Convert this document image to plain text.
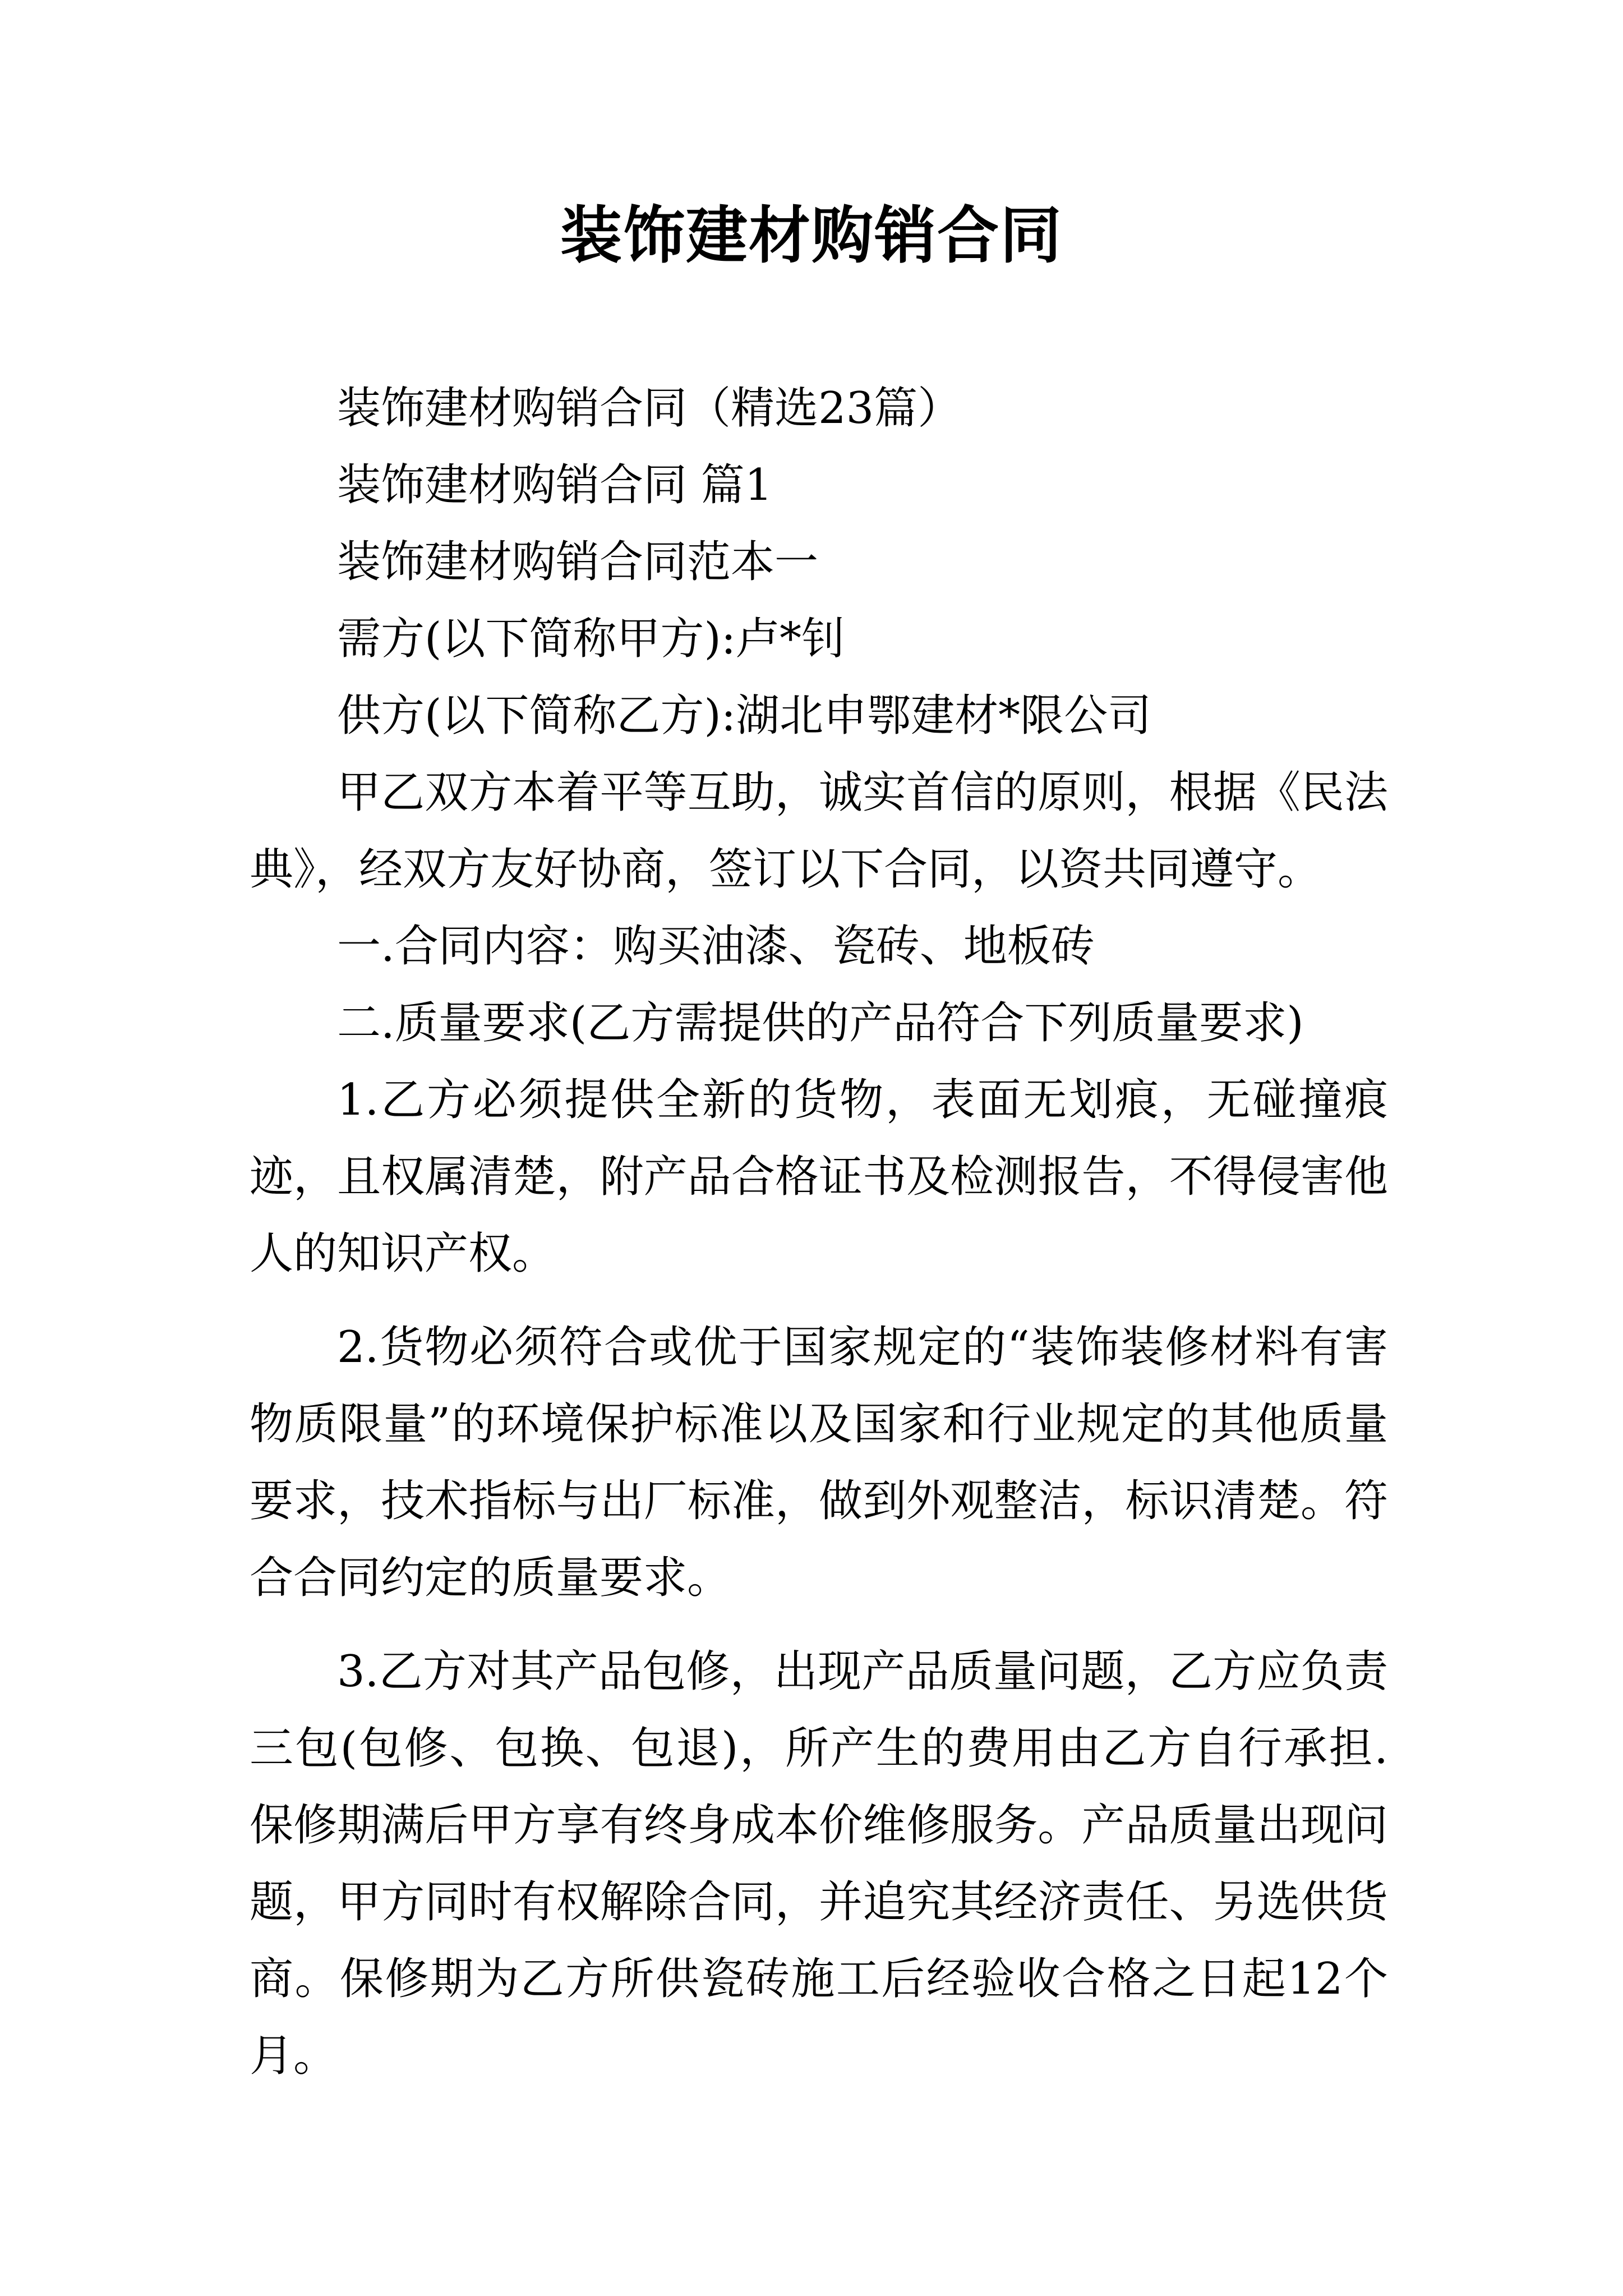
装饰建材购销合同

装饰建材购销合同（精选23篇）

装饰建材购销合同 篇1

装饰建材购销合同范本一

需方(以下简称甲方):卢*钊

供方(以下简称乙方):湖北申鄂建材*限公司

甲乙双方本着平等互助，诚实首信的原则，根据《民法典》，经双方友好协商，签订以下合同，以资共同遵守。

一.合同内容：购买油漆、瓷砖、地板砖

二.质量要求(乙方需提供的产品符合下列质量要求)

1.乙方必须提供全新的货物，表面无划痕，无碰撞痕迹，且权属清楚，附产品合格证书及检测报告，不得侵害他人的知识产权。

2.货物必须符合或优于国家规定的“装饰装修材料有害物质限量”的环境保护标准以及国家和行业规定的其他质量要求，技术指标与出厂标准，做到外观整洁，标识清楚。符合合同约定的质量要求。

3.乙方对其产品包修，出现产品质量问题，乙方应负责三包(包修、包换、包退)，所产生的费用由乙方自行承担.保修期满后甲方享有终身成本价维修服务。产品质量出现问题，甲方同时有权解除合同，并追究其经济责任、另选供货商。保修期为乙方所供瓷砖施工后经验收合格之日起12个月。
